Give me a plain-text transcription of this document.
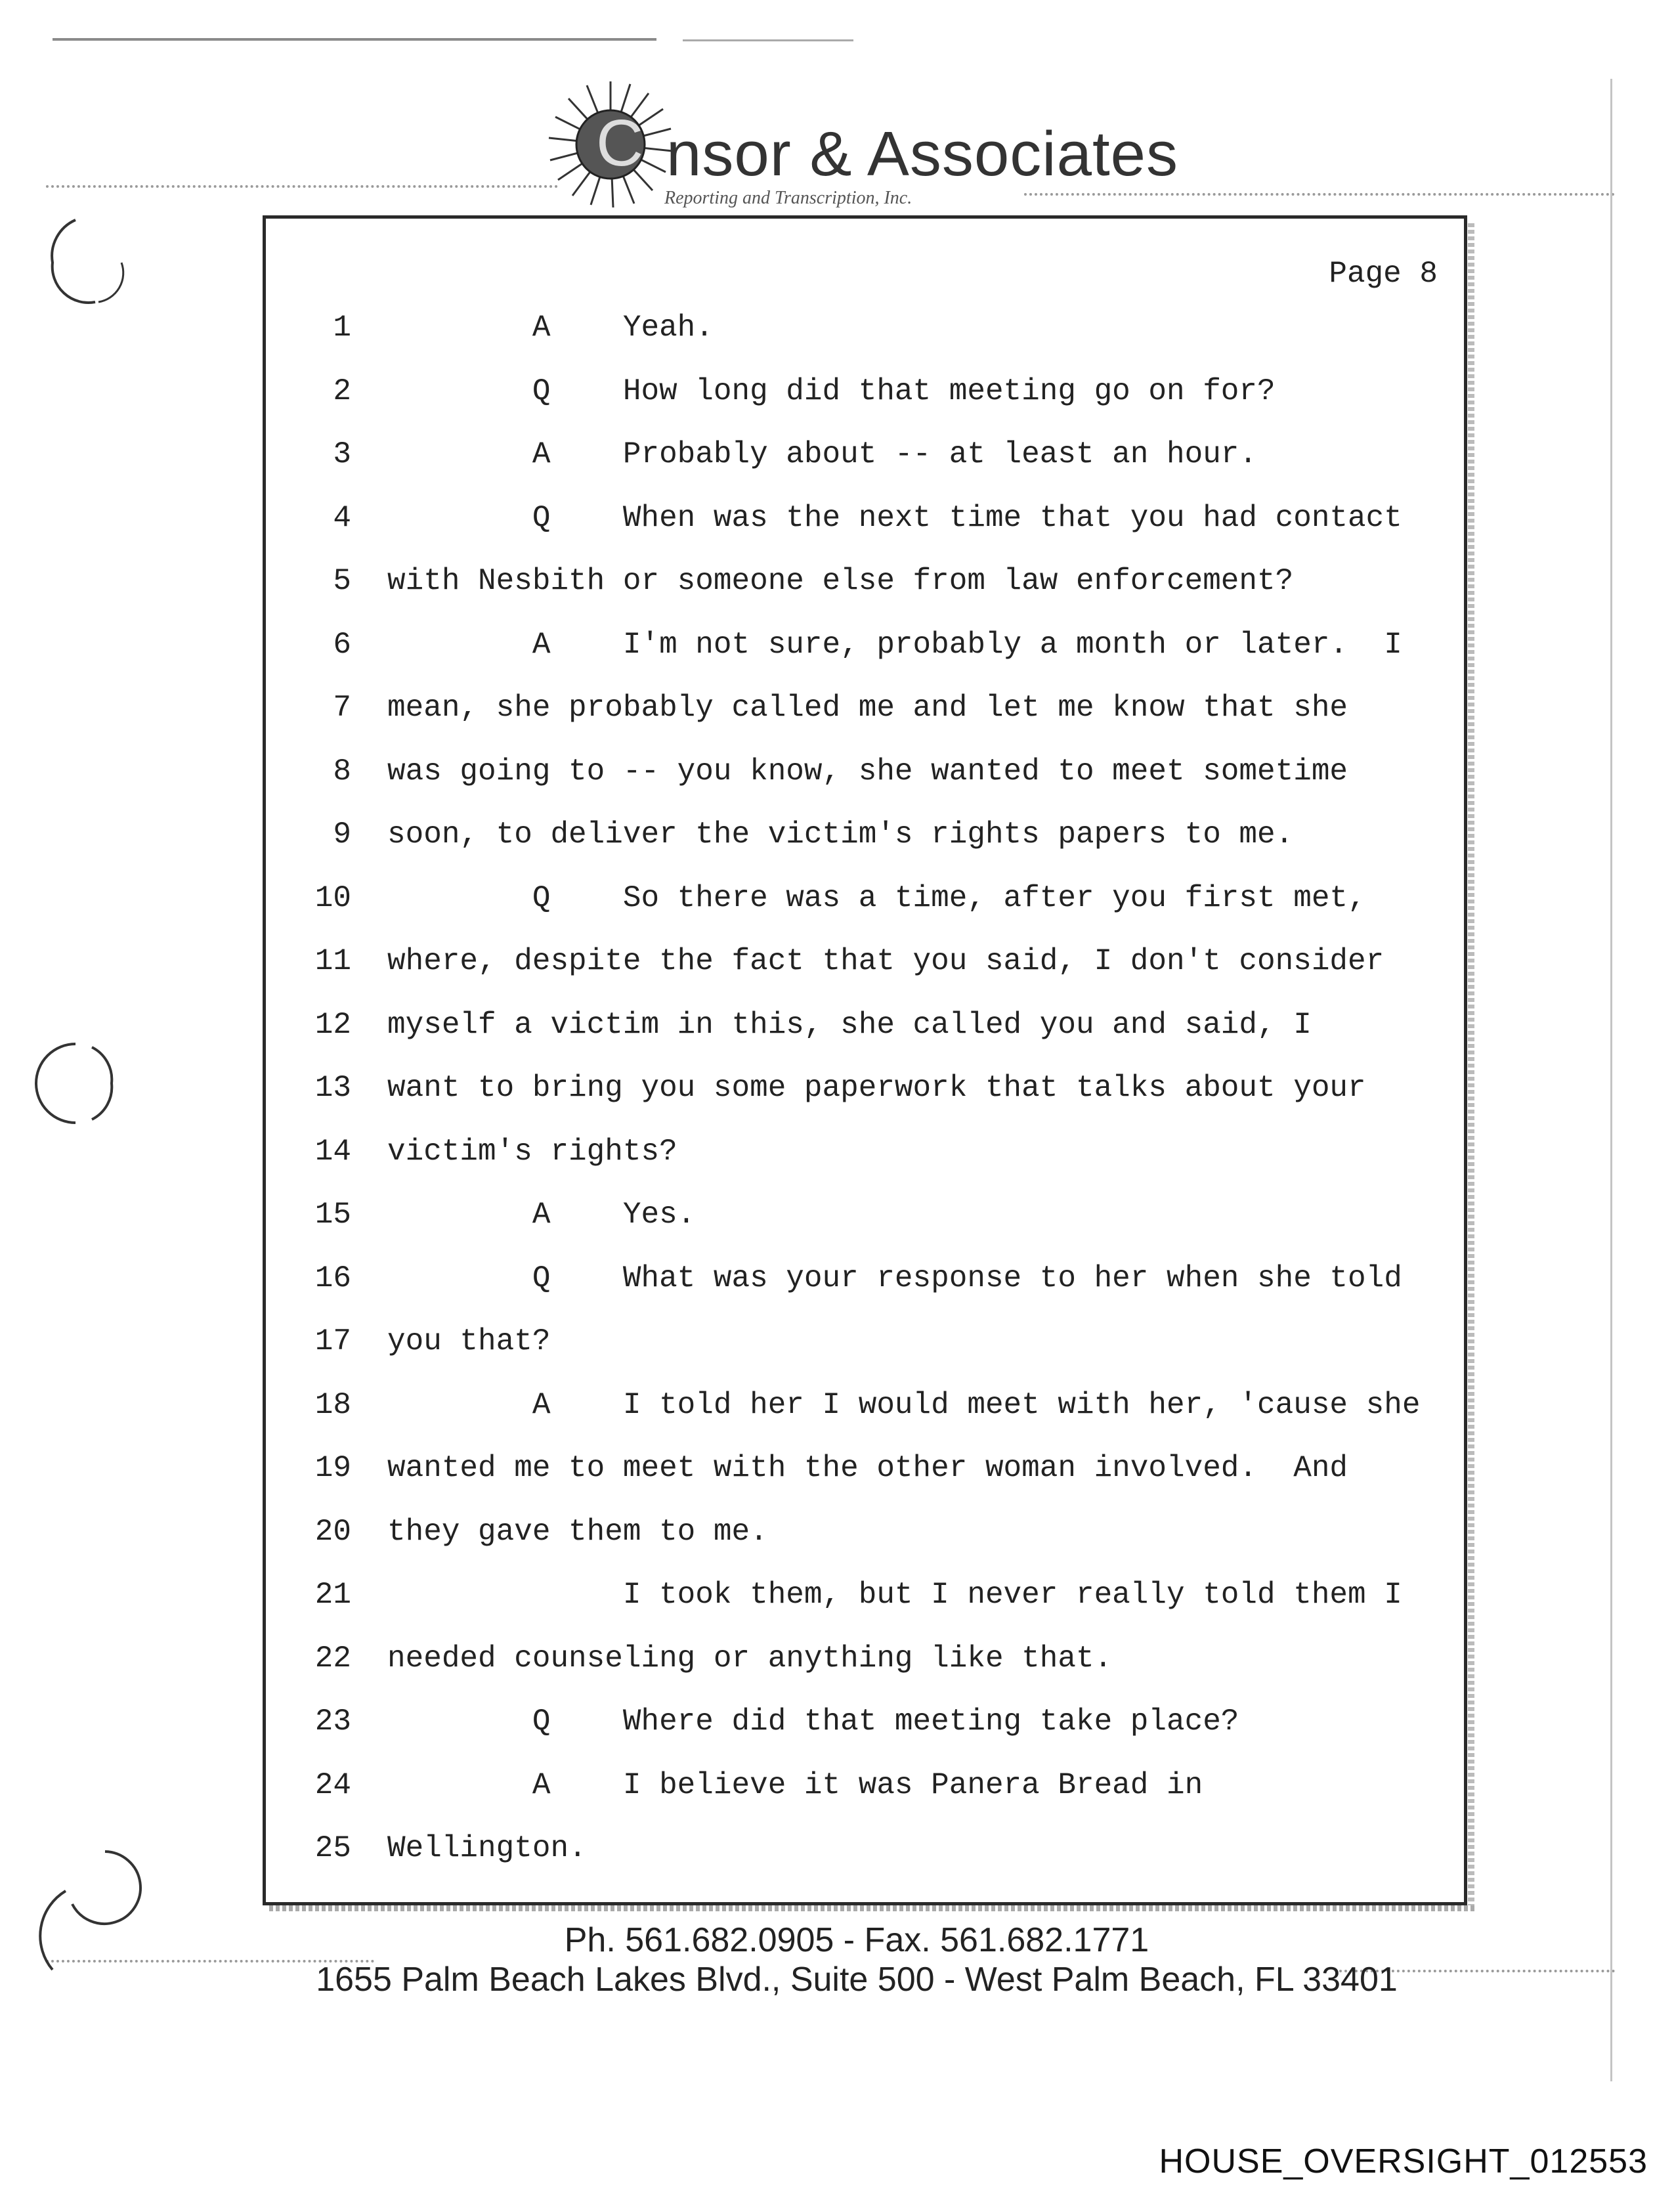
C nsor & Associates
Reporting and Transcription, Inc.
Page 8
1 A    Yeah.
2 Q    How long did that meeting go on for?
3 A    Probably about -- at least an hour.
4 Q    When was the next time that you had contact
5 with Nesbith or someone else from law enforcement?
6 A    I'm not sure, probably a month or later.  I
7 mean, she probably called me and let me know that she
8 was going to -- you know, she wanted to meet sometime
9 soon, to deliver the victim's rights papers to me.
10 Q    So there was a time, after you first met,
11 where, despite the fact that you said, I don't consider
12 myself a victim in this, she called you and said, I
13 want to bring you some paperwork that talks about your
14 victim's rights?
15 A    Yes.
16 Q    What was your response to her when she told
17 you that?
18 A    I told her I would meet with her, 'cause she
19 wanted me to meet with the other woman involved.  And
20 they gave them to me.
21 I took them, but I never really told them I
22 needed counseling or anything like that.
23 Q    Where did that meeting take place?
24 A    I believe it was Panera Bread in
25 Wellington.
Ph. 561.682.0905 - Fax. 561.682.1771
1655 Palm Beach Lakes Blvd., Suite 500 - West Palm Beach, FL 33401
HOUSE_OVERSIGHT_012553
